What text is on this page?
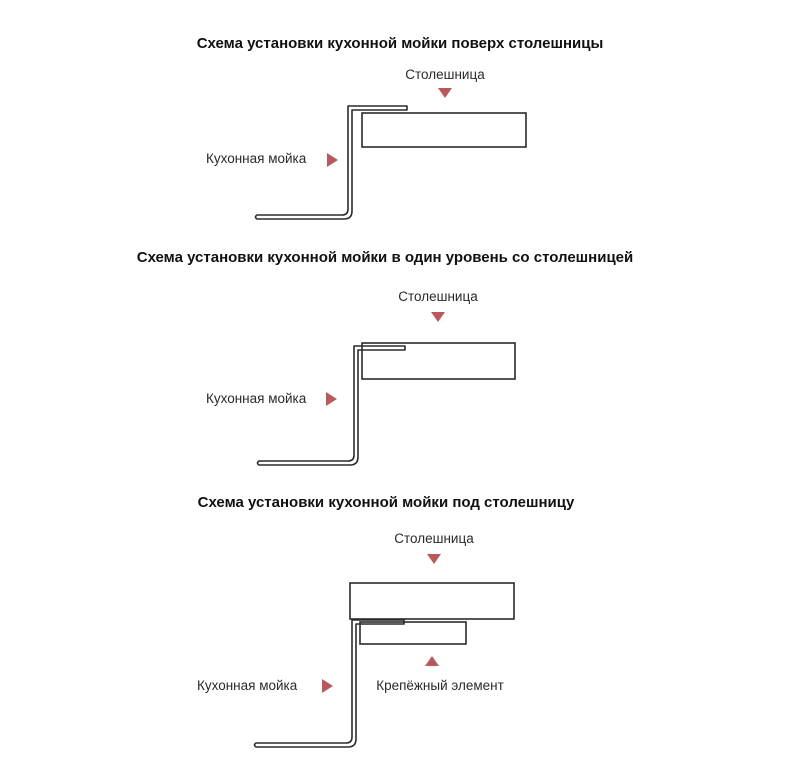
Схема установки кухонной мойки поверх столешницы
Столешница
Кухонная мойка
Схема установки кухонной мойки в один уровень со столешницей
Столешница
Кухонная мойка
Схема установки кухонной мойки под столешницу
Столешница
Кухонная мойка	Крепёжный элемент
